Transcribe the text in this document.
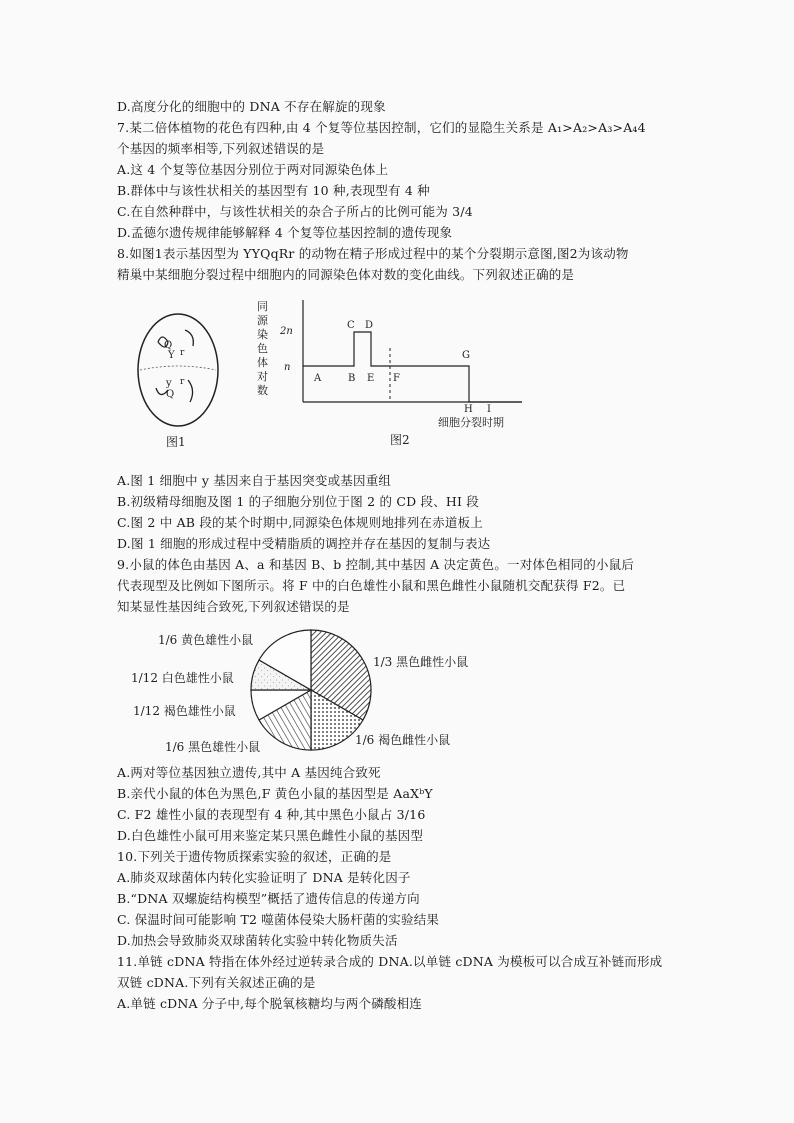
D.高度分化的细胞中的 DNA 不存在解旋的现象
7.某二倍体植物的花色有四种,由 4 个复等位基因控制，它们的显隐生关系是 A₁>A₂>A₃>A₄4
个基因的频率相等,下列叙述错误的是
A.这 4 个复等位基因分别位于两对同源染色体上
B.群体中与该性状相关的基因型有 10 种,表现型有 4 种
C.在自然种群中，与该性状相关的杂合子所占的比例可能为 3/4
D.孟德尔遗传规律能够解释 4 个复等位基因控制的遗传现象
8.如图1表示基因型为 YYQqRr 的动物在精子形成过程中的某个分裂期示意图,图2为该动物
精巢中某细胞分裂过程中细胞内的同源染色体对数的变化曲线。下列叙述正确的是
Q
Y r
y r
Q
图1
同
源
染
色
体
对
数
2n
n
A	B
C D
E F
G
H I
细胞分裂时期
图2
A.图 1 细胞中 y 基因来自于基因突变或基因重组
B.初级精母细胞及图 1 的子细胞分别位于图 2 的 CD 段、HI 段
C.图 2 中 AB 段的某个时期中,同源染色体规则地排列在赤道板上
D.图 1 细胞的形成过程中受精脂质的调控并存在基因的复制与表达
9.小鼠的体色由基因 A、a 和基因 B、b 控制,其中基因 A 决定黄色。一对体色相同的小鼠后
代表现型及比例如下图所示。将 F 中的白色雄性小鼠和黑色雌性小鼠随机交配获得 F2。已
知某显性基因纯合致死,下列叙述错误的是
1/6 黄色雄性小鼠
1/12 白色雄性小鼠
1/12 褐色雄性小鼠
1/6 黑色雄性小鼠	1/6 褐色雌性小鼠
1/3 黑色雌性小鼠
A.两对等位基因独立遗传,其中 A 基因纯合致死
B.亲代小鼠的体色为黑色,F 黄色小鼠的基因型是 AaXᵇY
C. F2 雄性小鼠的表现型有 4 种,其中黑色小鼠占 3/16
D.白色雄性小鼠可用来鉴定某只黑色雌性小鼠的基因型
10.下列关于遗传物质探索实验的叙述，正确的是
A.肺炎双球菌体内转化实验证明了 DNA 是转化因子
B.“DNA 双螺旋结构模型”概括了遗传信息的传递方向
C. 保温时间可能影响 T2 噬菌体侵染大肠杆菌的实验结果
D.加热会导致肺炎双球菌转化实验中转化物质失活
11.单链 cDNA 特指在体外经过逆转录合成的 DNA.以单链 cDNA 为模板可以合成互补链而形成
双链 cDNA.下列有关叙述正确的是
A.单链 cDNA 分子中,每个脱氧核糖均与两个磷酸相连
